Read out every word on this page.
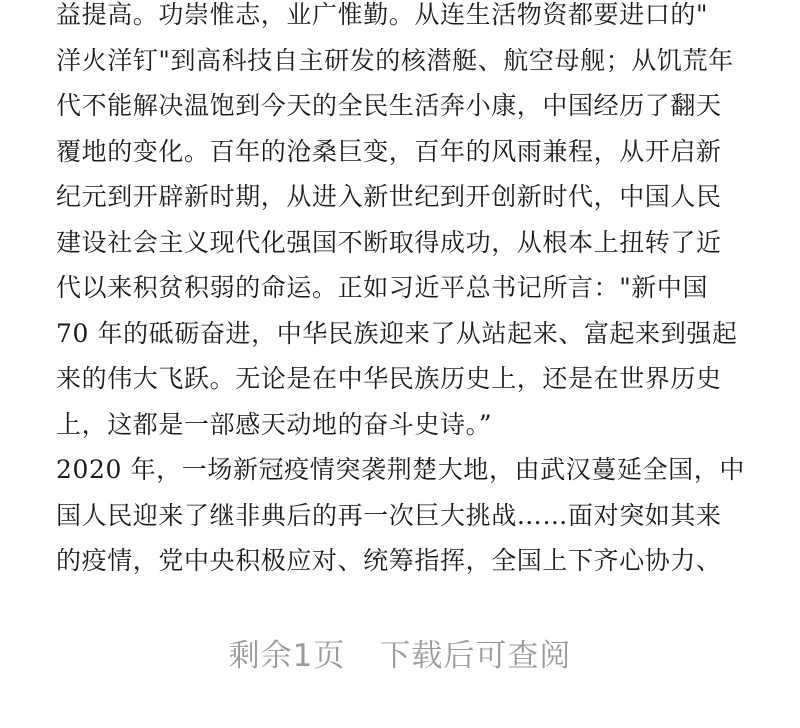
益提高。功崇惟志，业广惟勤。从连生活物资都要进口的"
洋火洋钉"到高科技自主研发的核潜艇、航空母舰；从饥荒年
代不能解决温饱到今天的全民生活奔小康，中国经历了翻天
覆地的变化。百年的沧桑巨变，百年的风雨兼程，从开启新
纪元到开辟新时期，从进入新世纪到开创新时代，中国人民
建设社会主义现代化强国不断取得成功，从根本上扭转了近
代以来积贫积弱的命运。正如习近平总书记所言："新中国
70 年的砥砺奋进，中华民族迎来了从站起来、富起来到强起
来的伟大飞跃。无论是在中华民族历史上，还是在世界历史
上，这都是一部感天动地的奋斗史诗。”
2020 年，一场新冠疫情突袭荆楚大地，由武汉蔓延全国，中
国人民迎来了继非典后的再一次巨大挑战……面对突如其来
的疫情，党中央积极应对、统筹指挥，全国上下齐心协力、
剩余1页 下载后可查阅
